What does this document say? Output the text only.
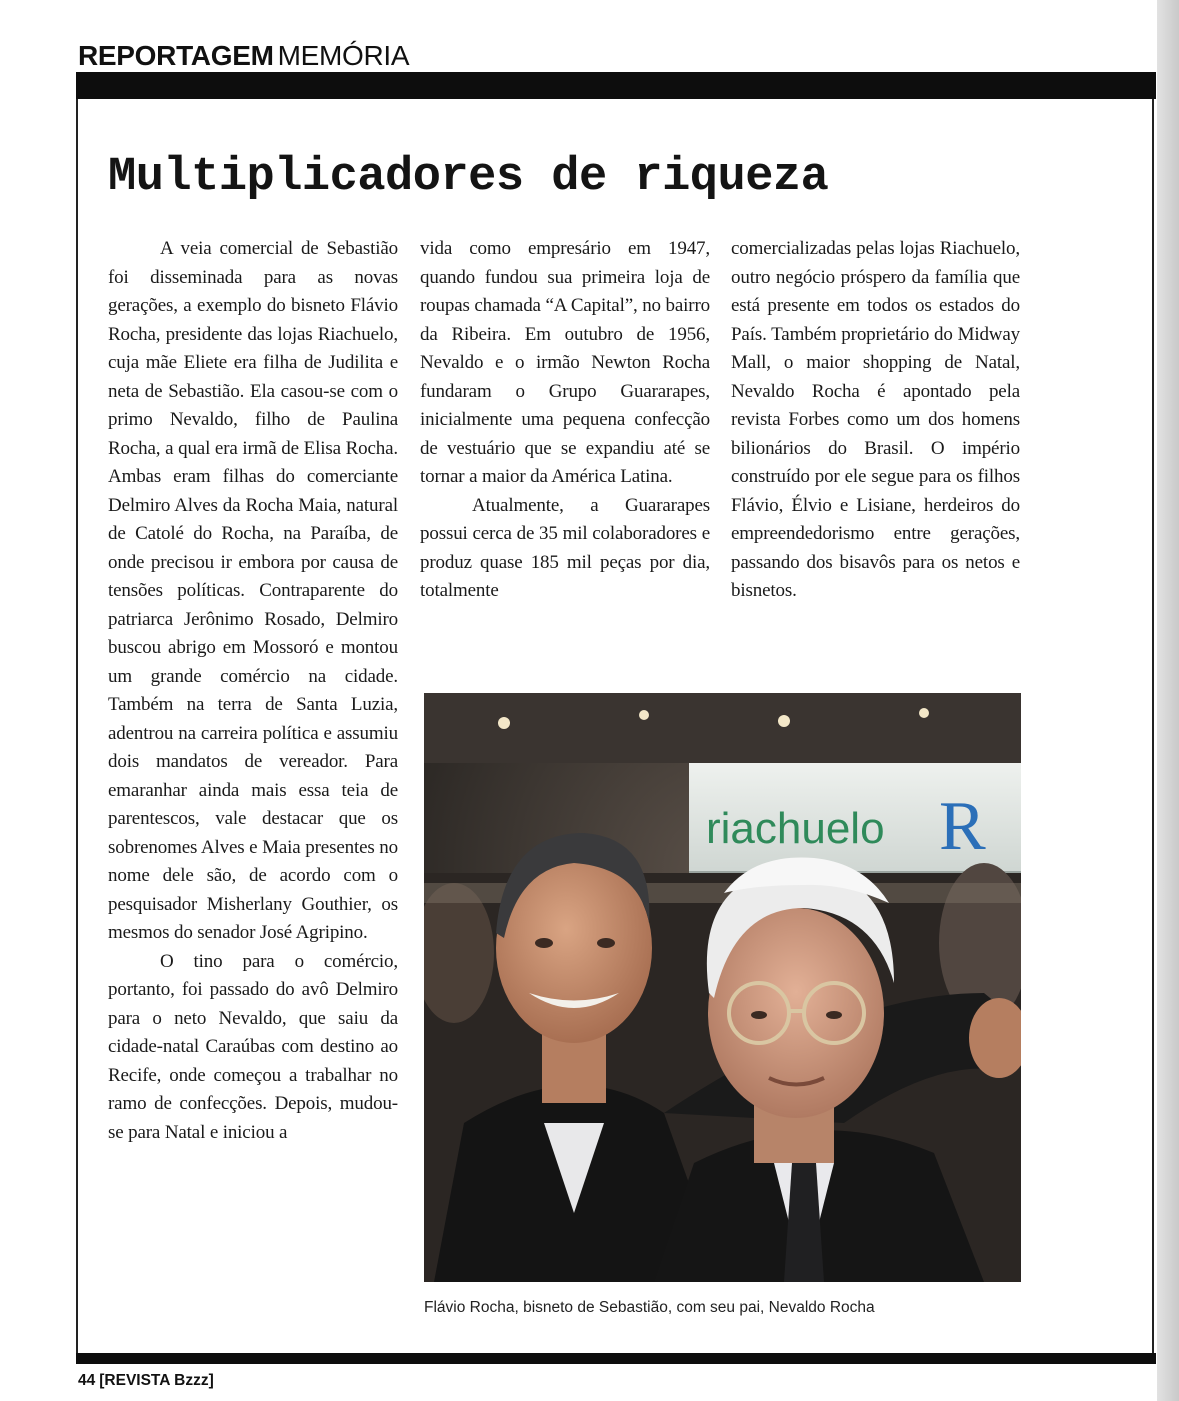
REPORTAGEM MEMÓRIA
Multiplicadores de riqueza

A veia comercial de Sebastião foi disseminada para as novas gerações, a exemplo do bisneto Flávio Rocha, presidente das lojas Riachuelo, cuja mãe Eliete era filha de Judilita e neta de Sebastião. Ela casou-se com o primo Nevaldo, filho de Paulina Rocha, a qual era irmã de Elisa Rocha. Ambas eram filhas do comerciante Delmiro Alves da Rocha Maia, natural de Catolé do Rocha, na Paraíba, de onde precisou ir embora por causa de tensões políticas. Contraparente do patriarca Jerônimo Rosado, Delmiro buscou abrigo em Mossoró e montou um grande comércio na cidade. Também na terra de Santa Luzia, adentrou na carreira política e assumiu dois mandatos de vereador. Para emaranhar ainda mais essa teia de parentescos, vale destacar que os sobrenomes Alves e Maia presentes no nome dele são, de acordo com o pesquisador Misherlany Gouthier, os mesmos do senador José Agripino.

O tino para o comércio, portanto, foi passado do avô Delmiro para o neto Nevaldo, que saiu da cidade-natal Caraúbas com destino ao Recife, onde começou a trabalhar no ramo de confecções. Depois, mudou-se para Natal e iniciou a

vida como empresário em 1947, quando fundou sua primeira loja de roupas chamada “A Capital”, no bairro da Ribeira. Em outubro de 1956, Nevaldo e o irmão Newton Rocha fundaram o Grupo Guararapes, inicialmente uma pequena confecção de vestuário que se expandiu até se tornar a maior da América Latina.

Atualmente, a Guararapes possui cerca de 35 mil colaboradores e produz quase 185 mil peças por dia, totalmente

comercializadas pelas lojas Riachuelo, outro negócio próspero da família que está presente em todos os estados do País. Também proprietário do Midway Mall, o maior shopping de Natal, Nevaldo Rocha é apontado pela revista Forbes como um dos homens bilionários do Brasil. O império construído por ele segue para os filhos Flávio, Élvio e Lisiane, herdeiros do empreendedorismo entre gerações, passando dos bisavôs para os netos e bisnetos.

riachuelo R
Flávio Rocha, bisneto de Sebastião, com seu pai, Nevaldo Rocha
44 [REVISTA Bzzz]
